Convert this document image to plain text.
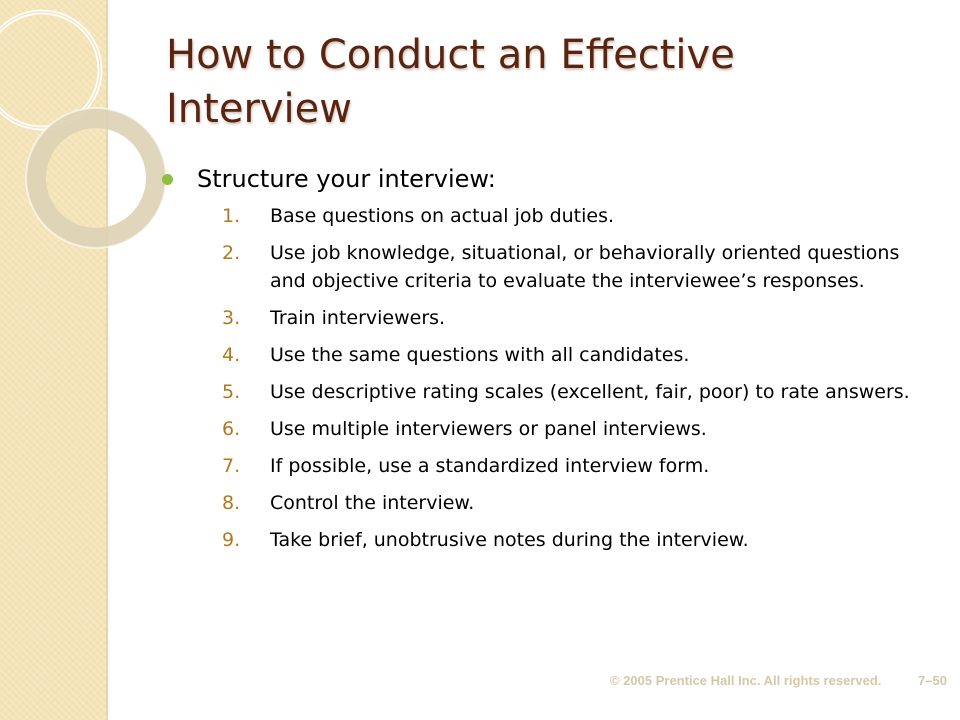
How to Conduct an Effective Interview
Structure your interview:
1.	Base questions on actual job duties.
2.	Use job knowledge, situational, or behaviorally oriented questions and objective criteria to evaluate the interviewee’s responses.
3.	Train interviewers.
4.	Use the same questions with all candidates.
5.	Use descriptive rating scales (excellent, fair, poor) to rate answers.
6.	Use multiple interviewers or panel interviews.
7.	If possible, use a standardized interview form.
8.	Control the interview.
9.	Take brief, unobtrusive notes during the interview.
© 2005 Prentice Hall Inc. All rights reserved.	7–50
